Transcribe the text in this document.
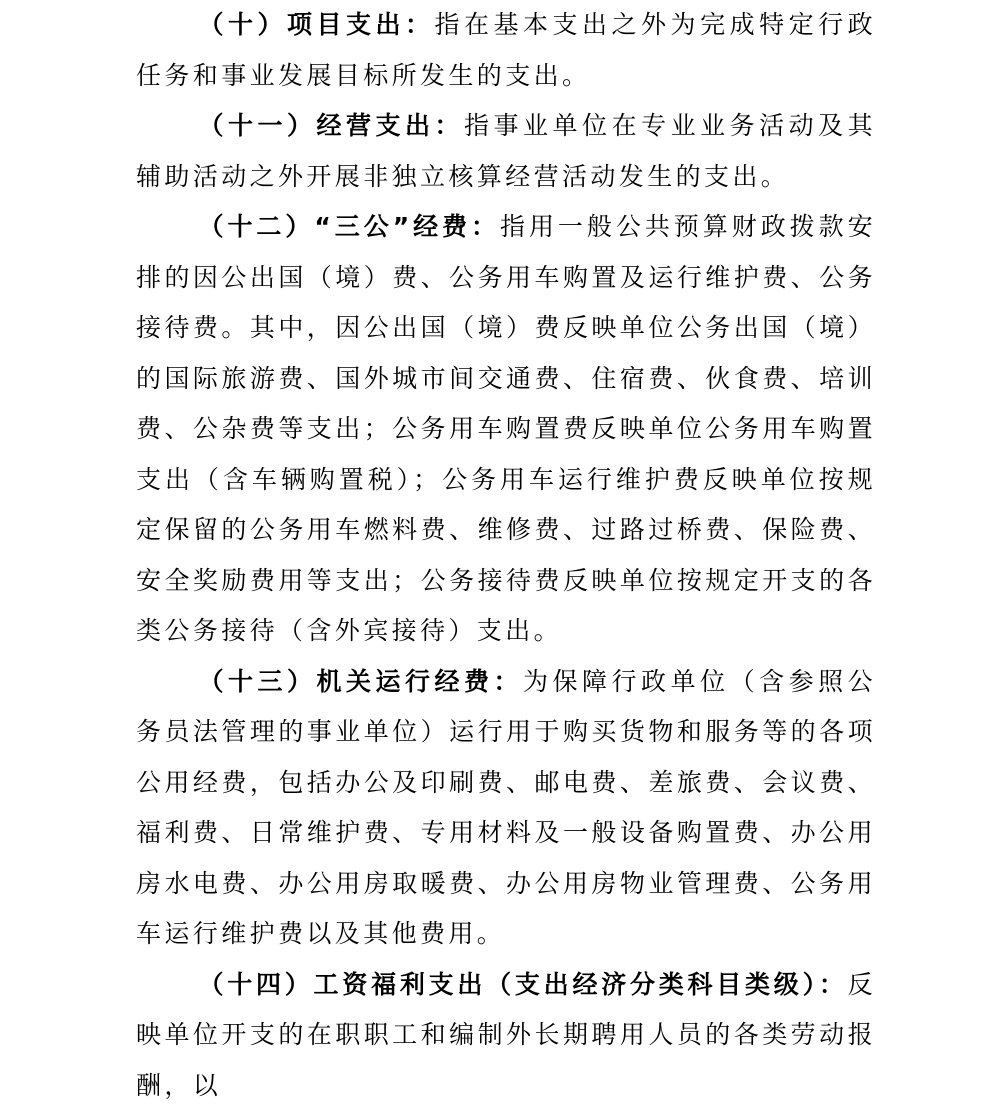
（十）项目支出：指在基本支出之外为完成特定行政任务和事业发展目标所发生的支出。

（十一）经营支出：指事业单位在专业业务活动及其辅助活动之外开展非独立核算经营活动发生的支出。

（十二）“三公”经费：指用一般公共预算财政拨款安排的因公出国（境）费、公务用车购置及运行维护费、公务接待费。其中，因公出国（境）费反映单位公务出国（境）的国际旅游费、国外城市间交通费、住宿费、伙食费、培训费、公杂费等支出；公务用车购置费反映单位公务用车购置支出（含车辆购置税）；公务用车运行维护费反映单位按规定保留的公务用车燃料费、维修费、过路过桥费、保险费、安全奖励费用等支出；公务接待费反映单位按规定开支的各类公务接待（含外宾接待）支出。

（十三）机关运行经费：为保障行政单位（含参照公务员法管理的事业单位）运行用于购买货物和服务等的各项公用经费，包括办公及印刷费、邮电费、差旅费、会议费、福利费、日常维护费、专用材料及一般设备购置费、办公用房水电费、办公用房取暖费、办公用房物业管理费、公务用车运行维护费以及其他费用。

（十四）工资福利支出（支出经济分类科目类级）：反映单位开支的在职职工和编制外长期聘用人员的各类劳动报酬，以
